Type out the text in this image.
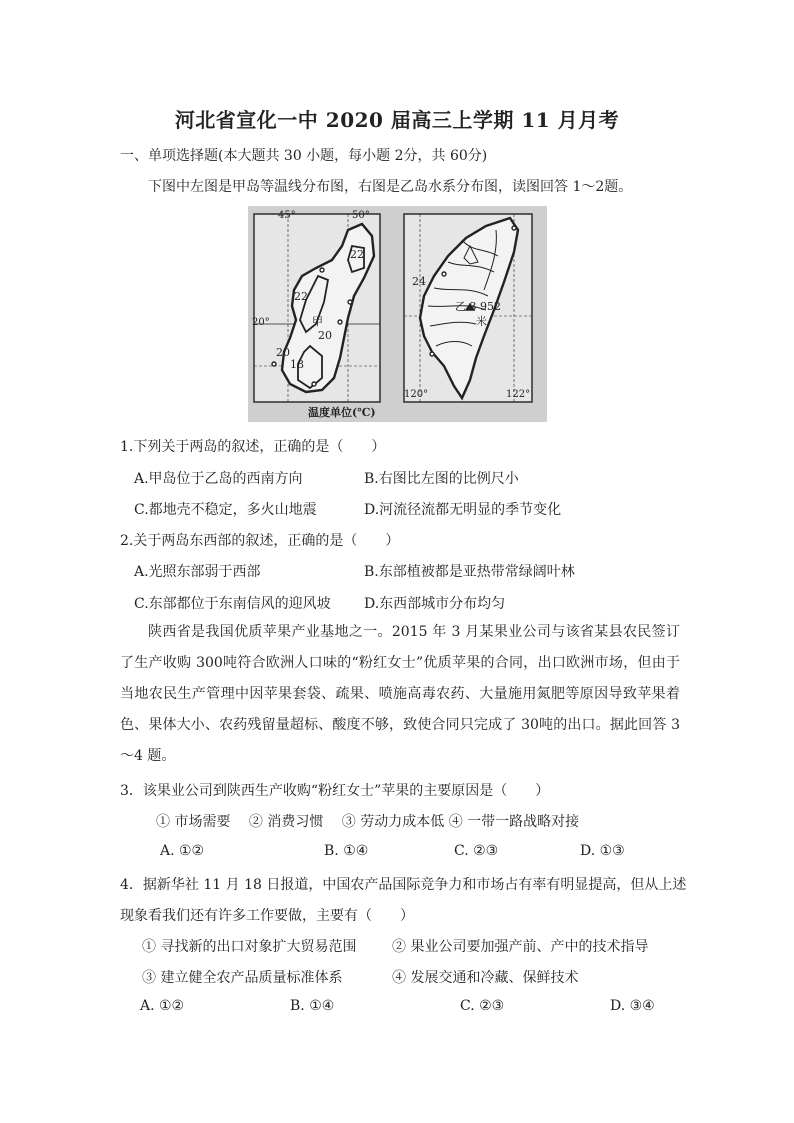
河北省宣化一中 2020 届高三上学期 11 月月考
一、单项选择题(本大题共 30 小题，每小题 2分，共 60分)
下图中左图是甲岛等温线分布图，右图是乙岛水系分布图，读图回答 1～2题。
45°	50°
20°
22
22
20
20
18
甲
温度单位(℃)
24
乙 3 952
米
120°	122°
1.下列关于两岛的叙述，正确的是（　　）
A.甲岛位于乙岛的西南方向	B.右图比左图的比例尺小
C.都地壳不稳定，多火山地震	D.河流径流都无明显的季节变化
2.关于两岛东西部的叙述，正确的是（　　）
A.光照东部弱于西部	B.东部植被都是亚热带常绿阔叶林
C.东部都位于东南信风的迎风坡 D.东西部城市分布均匀
陕西省是我国优质苹果产业基地之一。2015 年 3 月某果业公司与该省某县农民签订了生产收购 300吨符合欧洲人口味的“粉红女士”优质苹果的合同，出口欧洲市场，但由于当地农民生产管理中因苹果套袋、疏果、喷施高毒农药、大量施用氮肥等原因导致苹果着色、果体大小、农药残留量超标、酸度不够，致使合同只完成了 30吨的出口。据此回答 3～4 题。
3．该果业公司到陕西生产收购“粉红女士”苹果的主要原因是（　　）
① 市场需要　 ② 消费习惯　 ③ 劳动力成本低 ④ 一带一路战略对接
A. ①②	B. ①④	C. ②③	D. ①③
4．据新华社 11 月 18 日报道，中国农产品国际竞争力和市场占有率有明显提高，但从上述
现象看我们还有许多工作要做，主要有（　　）
① 寻找新的出口对象扩大贸易范围	② 果业公司要加强产前、产中的技术指导
③ 建立健全农产品质量标准体系	④ 发展交通和冷藏、保鲜技术
A. ①②	B. ①④	C. ②③	D. ③④
